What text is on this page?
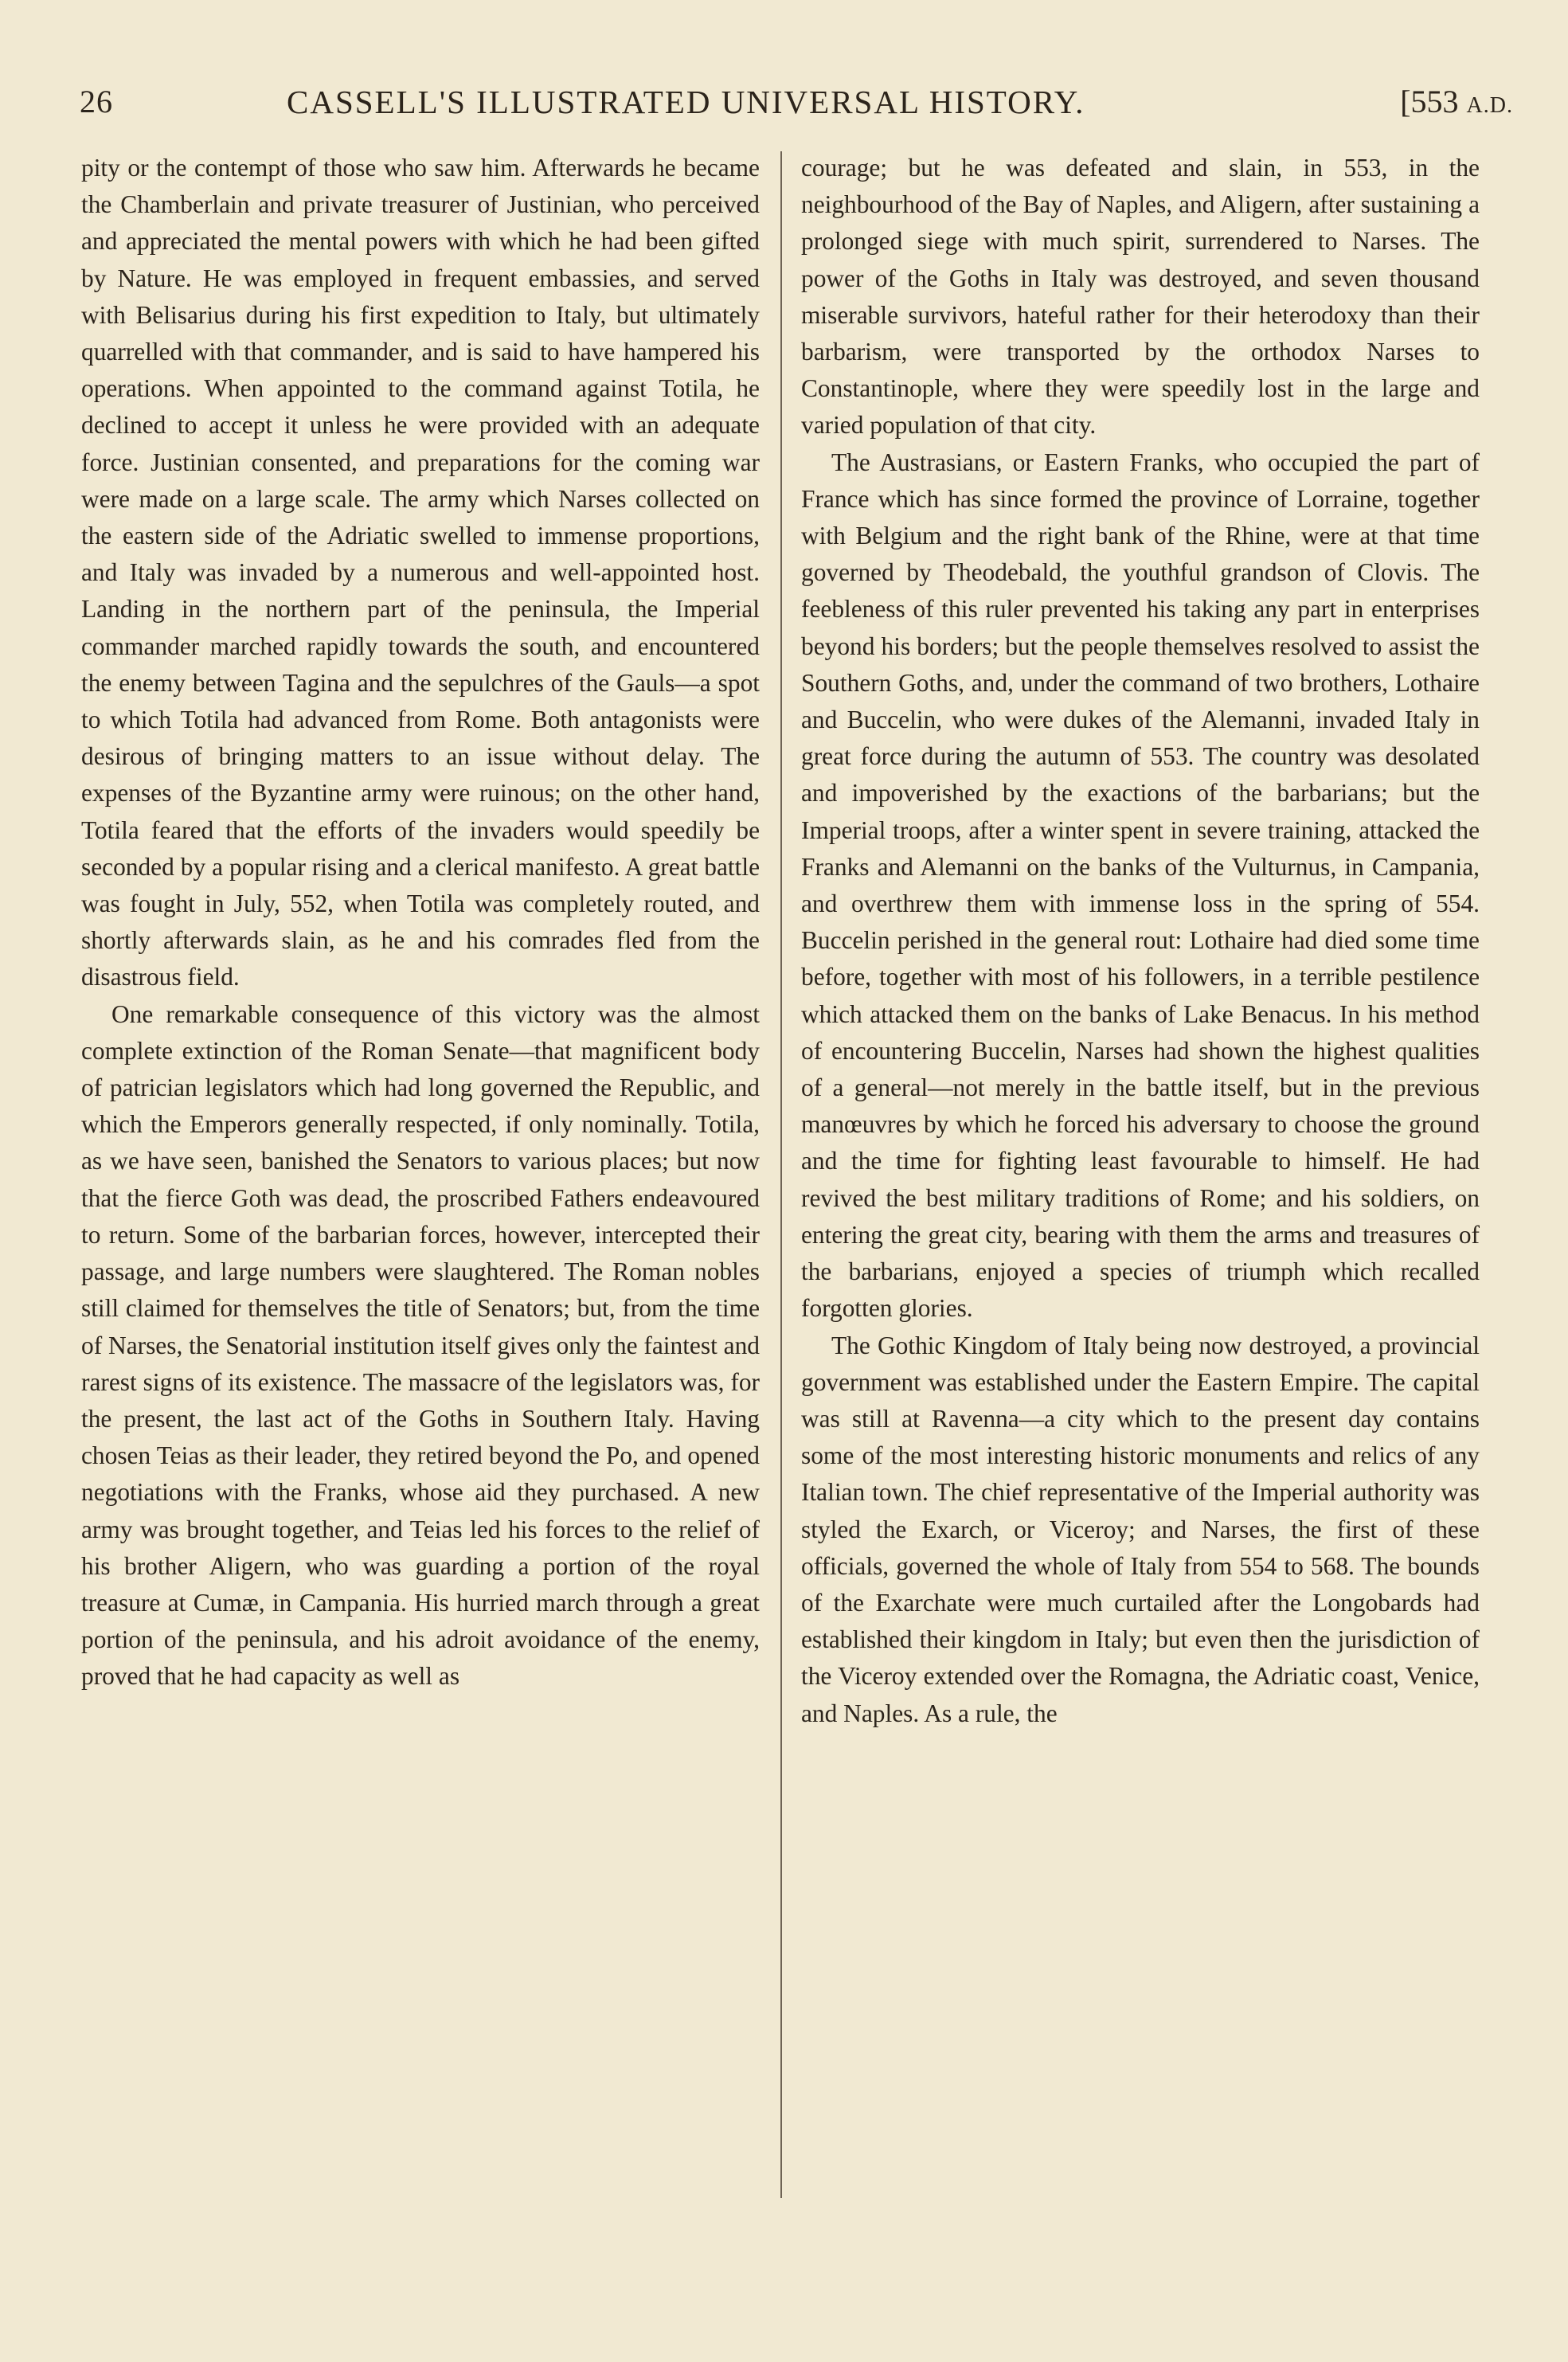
26	CASSELL'S ILLUSTRATED UNIVERSAL HISTORY.	[553 A.D.

pity or the contempt of those who saw him. Afterwards he became the Chamberlain and private treasurer of Justinian, who perceived and appreciated the mental powers with which he had been gifted by Nature. He was employed in frequent embassies, and served with Belisarius during his first expedition to Italy, but ultimately quarrelled with that commander, and is said to have hampered his operations. When appointed to the command against Totila, he declined to accept it unless he were provided with an adequate force. Justinian consented, and preparations for the coming war were made on a large scale. The army which Narses collected on the eastern side of the Adriatic swelled to immense proportions, and Italy was invaded by a numerous and well-appointed host. Landing in the northern part of the peninsula, the Imperial commander marched rapidly towards the south, and encountered the enemy between Tagina and the sepulchres of the Gauls—a spot to which Totila had advanced from Rome. Both antagonists were desirous of bringing matters to an issue without delay. The expenses of the Byzantine army were ruinous; on the other hand, Totila feared that the efforts of the invaders would speedily be seconded by a popular rising and a clerical manifesto. A great battle was fought in July, 552, when Totila was completely routed, and shortly afterwards slain, as he and his comrades fled from the disastrous field.

One remarkable consequence of this victory was the almost complete extinction of the Roman Senate—that magnificent body of patrician legislators which had long governed the Republic, and which the Emperors generally respected, if only nominally. Totila, as we have seen, banished the Senators to various places; but now that the fierce Goth was dead, the proscribed Fathers endeavoured to return. Some of the barbarian forces, however, intercepted their passage, and large numbers were slaughtered. The Roman nobles still claimed for themselves the title of Senators; but, from the time of Narses, the Senatorial institution itself gives only the faintest and rarest signs of its existence. The massacre of the legislators was, for the present, the last act of the Goths in Southern Italy. Having chosen Teias as their leader, they retired beyond the Po, and opened negotiations with the Franks, whose aid they purchased. A new army was brought together, and Teias led his forces to the relief of his brother Aligern, who was guarding a portion of the royal treasure at Cumæ, in Campania. His hurried march through a great portion of the peninsula, and his adroit avoidance of the enemy, proved that he had capacity as well as

courage; but he was defeated and slain, in 553, in the neighbourhood of the Bay of Naples, and Aligern, after sustaining a prolonged siege with much spirit, surrendered to Narses. The power of the Goths in Italy was destroyed, and seven thousand miserable survivors, hateful rather for their heterodoxy than their barbarism, were transported by the orthodox Narses to Constantinople, where they were speedily lost in the large and varied population of that city.

The Austrasians, or Eastern Franks, who occupied the part of France which has since formed the province of Lorraine, together with Belgium and the right bank of the Rhine, were at that time governed by Theodebald, the youthful grandson of Clovis. The feebleness of this ruler prevented his taking any part in enterprises beyond his borders; but the people themselves resolved to assist the Southern Goths, and, under the command of two brothers, Lothaire and Buccelin, who were dukes of the Alemanni, invaded Italy in great force during the autumn of 553. The country was desolated and impoverished by the exactions of the barbarians; but the Imperial troops, after a winter spent in severe training, attacked the Franks and Alemanni on the banks of the Vulturnus, in Campania, and overthrew them with immense loss in the spring of 554. Buccelin perished in the general rout: Lothaire had died some time before, together with most of his followers, in a terrible pestilence which attacked them on the banks of Lake Benacus. In his method of encountering Buccelin, Narses had shown the highest qualities of a general—not merely in the battle itself, but in the previous manœuvres by which he forced his adversary to choose the ground and the time for fighting least favourable to himself. He had revived the best military traditions of Rome; and his soldiers, on entering the great city, bearing with them the arms and treasures of the barbarians, enjoyed a species of triumph which recalled forgotten glories.

The Gothic Kingdom of Italy being now destroyed, a provincial government was established under the Eastern Empire. The capital was still at Ravenna—a city which to the present day contains some of the most interesting historic monuments and relics of any Italian town. The chief representative of the Imperial authority was styled the Exarch, or Viceroy; and Narses, the first of these officials, governed the whole of Italy from 554 to 568. The bounds of the Exarchate were much curtailed after the Longobards had established their kingdom in Italy; but even then the jurisdiction of the Viceroy extended over the Romagna, the Adriatic coast, Venice, and Naples. As a rule, the
